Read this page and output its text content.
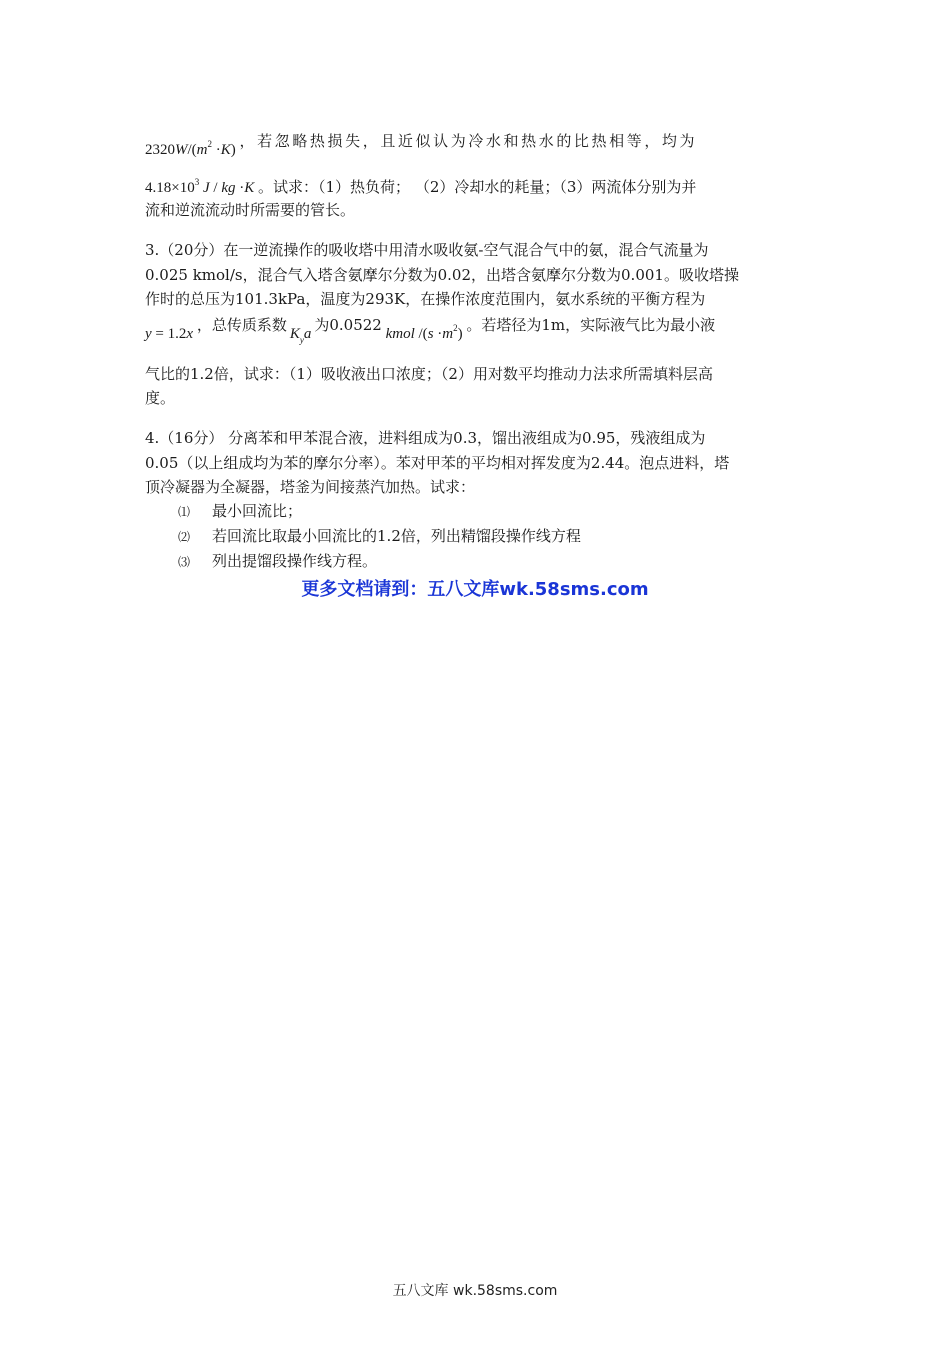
$2320W/(m^2 \cdot K)$ ，若忽略热损失，且近似认为冷水和热水的比热相等，均为
$4.18\times 10^3$ J / kg ·K 。试求：（1）热负荷； （2）冷却水的耗量；（3）两流体分别为并
流和逆流流动时所需要的管长。
3.（20分）在一逆流操作的吸收塔中用清水吸收氨-空气混合气中的氨，混合气流量为
0.025 kmol/s，混合气入塔含氨摩尔分数为0.02，出塔含氨摩尔分数为0.001。吸收塔操
作时的总压为101.3kPa，温度为293K，在操作浓度范围内，氨水系统的平衡方程为
y = 1.2x ，总传质系数 $K_ya$ 为0.0522 kmol $/(s \cdot m^2)$ 。若塔径为1m，实际液气比为最小液
气比的1.2倍，试求：（1）吸收液出口浓度；（2）用对数平均推动力法求所需填料层高
度。
4.（16分） 分离苯和甲苯混合液，进料组成为0.3，馏出液组成为0.95，残液组成为
0.05（以上组成均为苯的摩尔分率）。苯对甲苯的平均相对挥发度为2.44。泡点进料，塔
顶冷凝器为全凝器，塔釜为间接蒸汽加热。试求：
⑴ 最小回流比；
⑵ 若回流比取最小回流比的1.2倍，列出精馏段操作线方程
⑶ 列出提馏段操作线方程。
更多文档请到：五八文库wk.58sms.com
五八文库 wk.58sms.com
